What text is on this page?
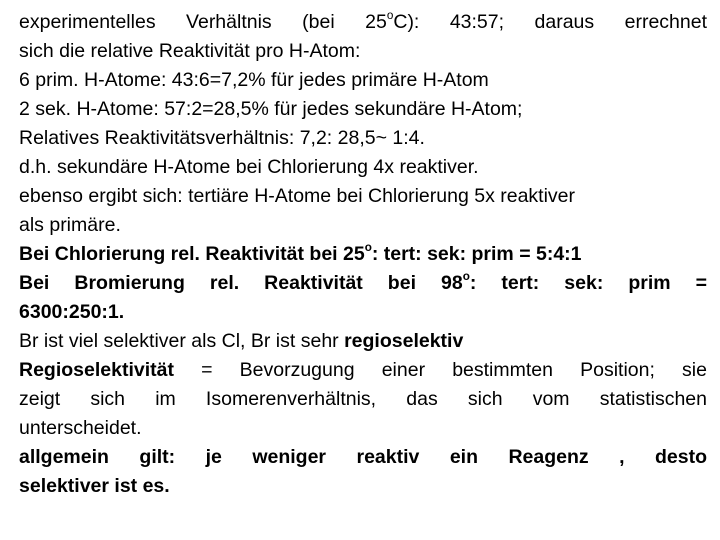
experimentelles Verhältnis (bei 25$^o$C): 43:57; daraus errechnet
sich die relative Reaktivität pro H-Atom:
6 prim. H-Atome: 43:6=7,2% für jedes primäre H-Atom
2 sek. H-Atome: 57:2=28,5% für jedes sekundäre H-Atom;
Relatives Reaktivitätsverhältnis: 7,2: 28,5~ 1:4.
d.h. sekundäre H-Atome bei Chlorierung 4x reaktiver.
ebenso ergibt sich: tertiäre H-Atome bei Chlorierung 5x reaktiver
als primäre.
Bei Chlorierung rel. Reaktivität bei 25$^o$: tert: sek: prim = 5:4:1
Bei Bromierung rel. Reaktivität bei 98$^o$: tert: sek: prim =
6300:250:1.
Br ist viel selektiver als Cl, Br ist sehr regioselektiv
Regioselektivität = Bevorzugung einer bestimmten Position; sie
zeigt sich im Isomerenverhältnis, das sich vom statistischen
unterscheidet.
allgemein gilt: je weniger reaktiv ein Reagenz , desto
selektiver ist es.
